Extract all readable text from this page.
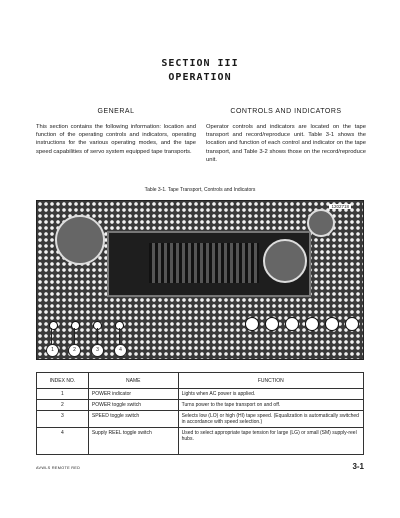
SECTION III
OPERATION
GENERAL
This section contains the following information: location and function of the operating controls and indicators, operating instructions for the various operating modes, and the tape speed capabilities of servo system equipped tape transports.
CONTROLS AND INDICATORS
Operator controls and indicators are located on the tape transport and record/reproduce unit. Table 3-1 shows the location and function of each control and indicator on the tape transport, and Table 3-2 shows those on the record/reproduce unit.
Table 3-1. Tape Transport, Controls and Indicators
1202718
1	2	3	4
INDEX NO.	NAME	FUNCTION
1	POWER indicator	Lights when AC power is applied.
2	POWER toggle switch	Turns power to the tape transport on and off.
3	SPEED toggle switch	Selects low (LO) or high (HI) tape speed. (Equalization is automatically switched in accordance with speed selection.)
4	Supply REEL toggle switch	Used to select appropriate tape tension for large (LG) or small (SM) supply-reel hubs.
AVWLS REMOTE RED	3-1
